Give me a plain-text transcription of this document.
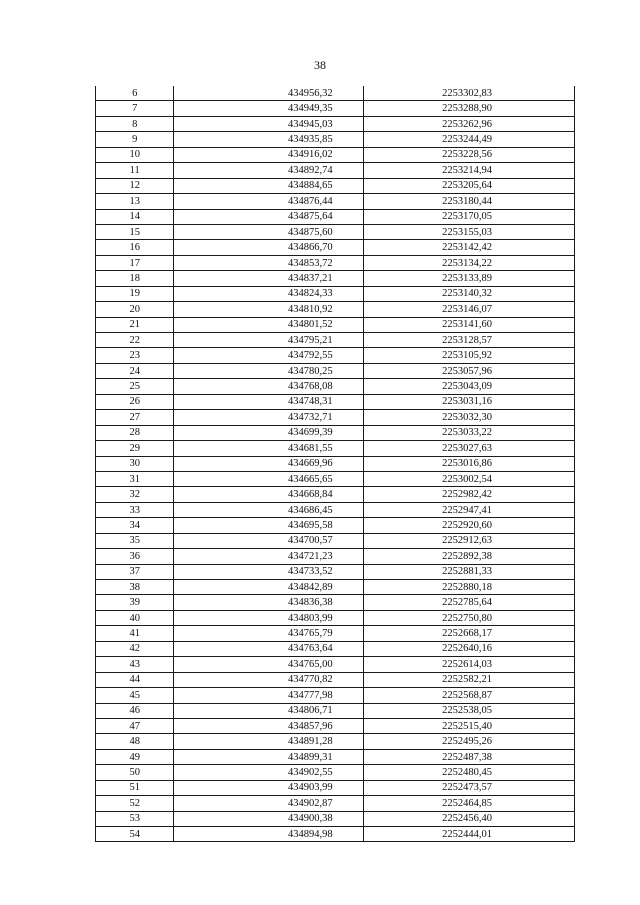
38
6	434956,32	2253302,83
7	434949,35	2253288,90
8	434945,03	2253262,96
9	434935,85	2253244,49
10	434916,02	2253228,56
11	434892,74	2253214,94
12	434884,65	2253205,64
13	434876,44	2253180,44
14	434875,64	2253170,05
15	434875,60	2253155,03
16	434866,70	2253142,42
17	434853,72	2253134,22
18	434837,21	2253133,89
19	434824,33	2253140,32
20	434810,92	2253146,07
21	434801,52	2253141,60
22	434795,21	2253128,57
23	434792,55	2253105,92
24	434780,25	2253057,96
25	434768,08	2253043,09
26	434748,31	2253031,16
27	434732,71	2253032,30
28	434699,39	2253033,22
29	434681,55	2253027,63
30	434669,96	2253016,86
31	434665,65	2253002,54
32	434668,84	2252982,42
33	434686,45	2252947,41
34	434695,58	2252920,60
35	434700,57	2252912,63
36	434721,23	2252892,38
37	434733,52	2252881,33
38	434842,89	2252880,18
39	434836,38	2252785,64
40	434803,99	2252750,80
41	434765,79	2252668,17
42	434763,64	2252640,16
43	434765,00	2252614,03
44	434770,82	2252582,21
45	434777,98	2252568,87
46	434806,71	2252538,05
47	434857,96	2252515,40
48	434891,28	2252495,26
49	434899,31	2252487,38
50	434902,55	2252480,45
51	434903,99	2252473,57
52	434902,87	2252464,85
53	434900,38	2252456,40
54	434894,98	2252444,01
